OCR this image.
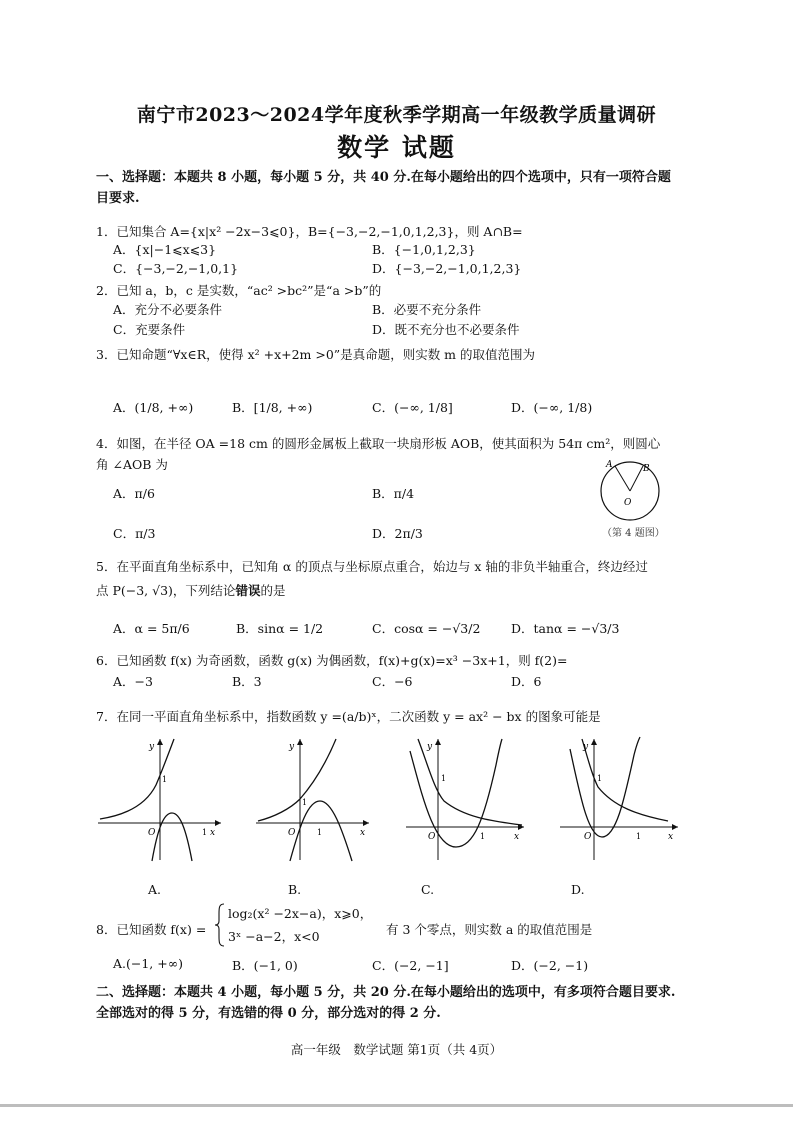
南宁市2023～2024学年度秋季学期高一年级教学质量调研
数学 试题
一、选择题：本题共 8 小题，每小题 5 分，共 40 分.在每小题给出的四个选项中，只有一项符合题
目要求.
1．已知集合 A={x|x² −2x−3⩽0}，B={−3,−2,−1,0,1,2,3}，则 A∩B=
A．{x|−1⩽x⩽3}	B．{−1,0,1,2,3}
C．{−3,−2,−1,0,1}	D．{−3,−2,−1,0,1,2,3}
2．已知 a，b，c 是实数，“ac² >bc²”是“a >b”的
A．充分不必要条件	B．必要不充分条件
C．充要条件	D．既不充分也不必要条件
3．已知命题“∀x∈R，使得 x² +x+2m >0”是真命题，则实数 m 的取值范围为
A．(1/8, +∞)	B．[1/8, +∞)	C．(−∞, 1/8]	D．(−∞, 1/8)
4．如图，在半径 OA =18 cm 的圆形金属板上截取一块扇形板 AOB，使其面积为 54π cm²，则圆心
角 ∠AOB 为
A．π/6	B．π/4
C．π/3	D．2π/3
A	B
O
（第 4 题图）
5．在平面直角坐标系中，已知角 α 的顶点与坐标原点重合，始边与 x 轴的非负半轴重合，终边经过
点 P(−3, √3)，下列结论错误的是
A．α = 5π/6	B．sinα = 1/2	C．cosα = −√3/2 D．tanα = −√3/3
6．已知函数 f(x) 为奇函数，函数 g(x) 为偶函数，f(x)+g(x)=x³ −3x+1，则 f(2)=
A．−3	B．3	C．−6	D．6
7．在同一平面直角坐标系中，指数函数 y =(a/b)ˣ，二次函数 y = ax² − bx 的图象可能是
y
x
O
1
1
A.
y
x
O
1
1
B.
y
x
O
1
1
C.
y
x
O
1
1
D.
8．已知函数 f(x) =
log₂(x² −2x−a)，x⩾0，
3ˣ −a−2，x<0	有 3 个零点，则实数 a 的取值范围是
A.(−1, +∞)	B．(−1, 0)	C．(−2, −1]	D．(−2, −1)
二、选择题：本题共 4 小题，每小题 5 分，共 20 分.在每小题给出的选项中，有多项符合题目要求.
全部选对的得 5 分，有选错的得 0 分，部分选对的得 2 分.
高一年级　数学试题 第1页（共 4页）
